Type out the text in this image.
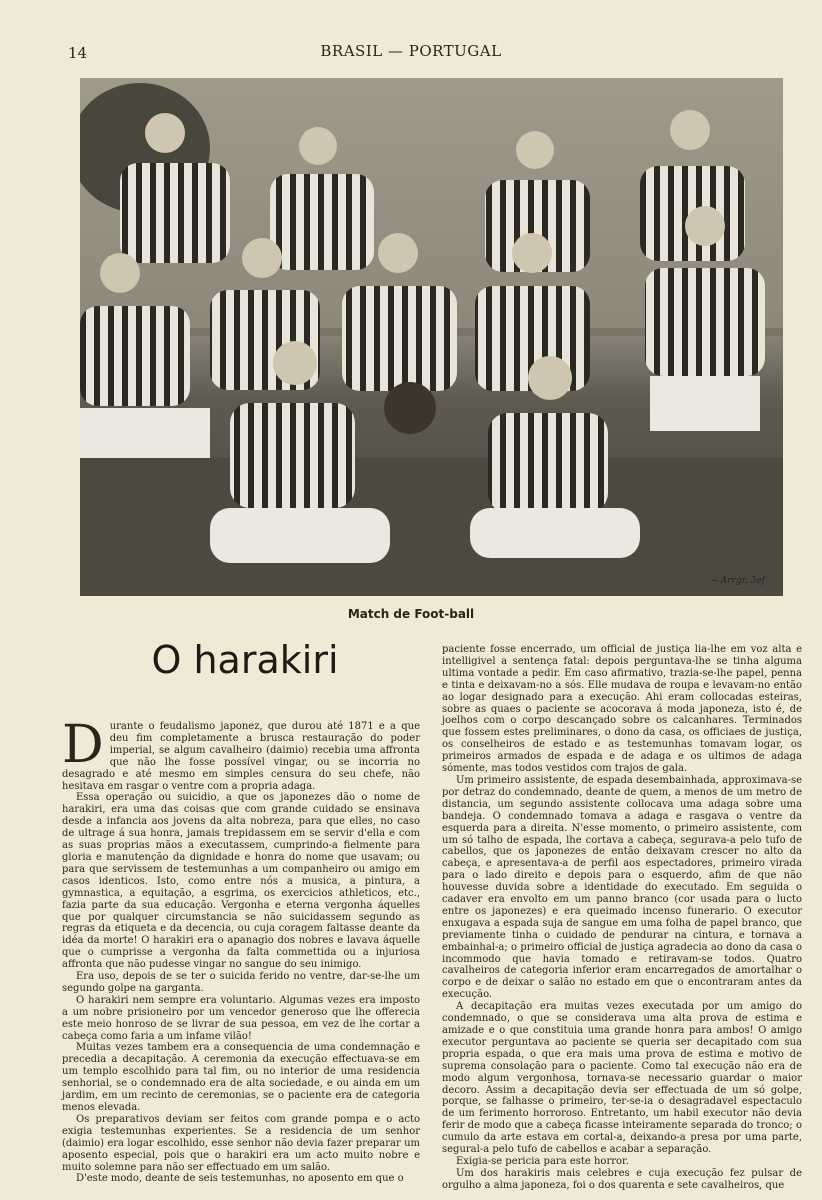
14	BRASIL — PORTUGAL
~ Arrgr. 3ef
Match de Foot-ball
O harakiri

Durante o feudalismo japonez, que durou até 1871 e a que deu fim completamente a brusca restauração do poder imperial, se algum cavalheiro (daimio) recebia uma affronta que não lhe fosse possível vingar, ou se incorria no desagrado e até mesmo em simples censura do seu chefe, não hesitava em rasgar o ventre com a propria adaga.

Essa operação ou suicidio, a que os japonezes dão o nome de harakiri, era uma das coisas que com grande cuidado se ensinava desde a infancia aos jovens da alta nobreza, para que elles, no caso de ultrage á sua honra, jamais trepidassem em se servir d'ella e com as suas proprias mãos a executassem, cumprindo-a fielmente para gloria e manutenção da dignidade e honra do nome que usavam; ou para que servissem de testemunhas a um companheiro ou amigo em casos identicos. Isto, como entre nós a musica, a pintura, a gymnastica, a equitação, a esgrima, os exercicios athleticos, etc., fazia parte da sua educação. Vergonha e eterna vergonha áquelles que por qualquer circumstancia se não suicidassem segundo as regras da etiqueta e da decencia, ou cuja coragem faltasse deante da idéa da morte! O harakiri era o apanagio dos nobres e lavava áquelle que o cumprisse a vergonha da falta commettida ou a injuriosa affronta que não pudesse vingar no sangue do seu inimigo.

Era uso, depois de se ter o suicida ferido no ventre, dar-se-lhe um segundo golpe na garganta.

O harakiri nem sempre era voluntario. Algumas vezes era imposto a um nobre prisioneiro por um vencedor generoso que lhe offerecia este meio honroso de se livrar de sua pessoa, em vez de lhe cortar a cabeça como faria a um infame vilão!

Muitas vezes tambem era a consequencia de uma condemnação e precedia a decapitação. A ceremonia da execução effectuava-se em um templo escolhido para tal fim, ou no interior de uma residencia senhorial, se o condemnado era de alta sociedade, e ou ainda em um jardim, em um recinto de ceremonias, se o paciente era de categoria menos elevada.

Os preparativos deviam ser feitos com grande pompa e o acto exigia testemunhas experientes. Se a residencia de um senhor (daimio) era logar escolhido, esse senhor não devia fazer preparar um aposento especial, pois que o harakiri era um acto muito nobre e muito solemne para não ser effectuado em um salão.

D'este modo, deante de seis testemunhas, no aposento em que o

paciente fosse encerrado, um official de justiça lia-lhe em voz alta e intelligivel a sentença fatal: depois perguntava-lhe se tinha alguma ultima vontade a pedir. Em caso afirmativo, trazia-se-lhe papel, penna e tinta e deixavam-no a sós. Elle mudava de roupa e levavam-no então ao logar designado para a execução. Ahi eram collocadas esteiras, sobre as quaes o paciente se acocorava á moda japoneza, isto é, de joelhos com o corpo descançado sobre os calcanhares. Terminados que fossem estes preliminares, o dono da casa, os officiaes de justiça, os conselheiros de estado e as testemunhas tomavam logar, os primeiros armados de espada e de adaga e os ultimos de adaga sómente, mas todos vestidos com trajos de gala.

Um primeiro assistente, de espada desembainhada, approximava-se por detraz do condemnado, deante de quem, a menos de um metro de distancia, um segundo assistente collocava uma adaga sobre uma bandeja. O condemnado tomava a adaga e rasgava o ventre da esquerda para a direita. N'esse momento, o primeiro assistente, com um só talho de espada, lhe cortava a cabeça, segurava-a pelo tufo de cabellos, que os japonezes de então deixavam crescer no alto da cabeça, e apresentava-a de perfil aos espectadores, primeiro virada para o lado direito e depois para o esquerdo, afim de que não houvesse duvida sobre a identidade do executado. Em seguida o cadaver era envolto em um panno branco (cor usada para o lucto entre os japonezes) e era queimado incenso funerario. O executor enxugava a espada suja de sangue em uma folha de papel branco, que previamente tinha o cuidado de pendurar na cintura, e tornava a embainhal-a; o primeiro official de justiça agradecia ao dono da casa o incommodo que havia tomado e retiravam-se todos. Quatro cavalheiros de categoria inferior eram encarregados de amortalhar o corpo e de deixar o salão no estado em que o encontraram antes da execução.

A decapitação era muitas vezes executada por um amigo do condemnado, o que se considerava uma alta prova de estima e amizade e o que constituia uma grande honra para ambos! O amigo executor perguntava ao paciente se queria ser decapitado com sua propria espada, o que era mais uma prova de estima e motivo de suprema consolação para o paciente. Como tal execução não era de modo algum vergonhosa, tornava-se necessario guardar o maior decoro. Assim a decapitação devia ser effectuada de um só golpe, porque, se falhasse o primeiro, ter-se-ia o desagradavel espectaculo de um ferimento horroroso. Entretanto, um habil executor não devia ferir de modo que a cabeça ficasse inteiramente separada do tronco; o cumulo da arte estava em cortal-a, deixando-a presa por uma parte, segural-a pelo tufo de cabellos e acabar a separação.

Exigia-se pericia para este horror.

Um dos harakiris mais celebres e cuja execução fez pulsar de orgulho a alma japoneza, foi o dos quarenta e sete cavalheiros, que
